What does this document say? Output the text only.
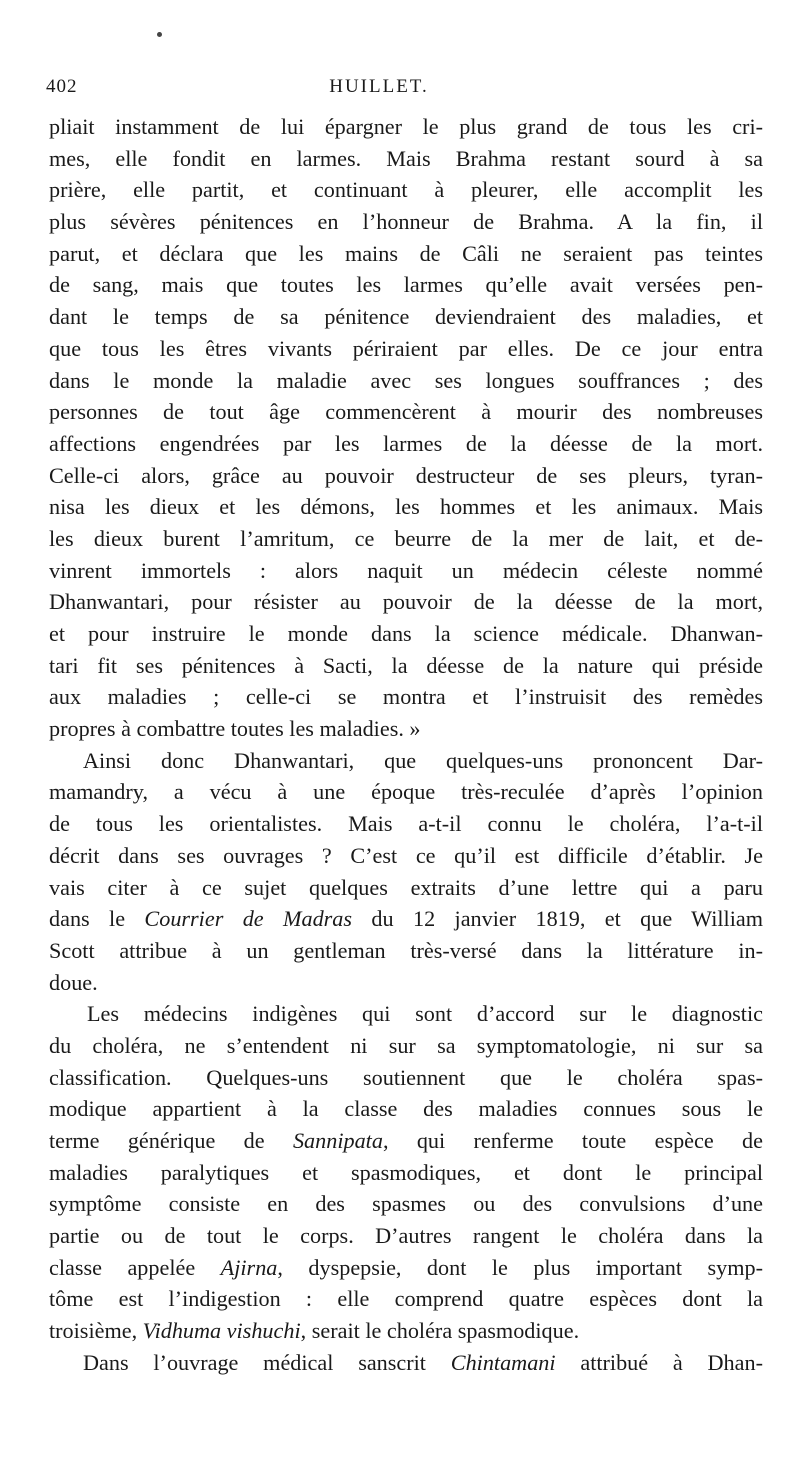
402	HUILLET.
pliait instamment de lui épargner le plus grand de tous les cri-
mes, elle fondit en larmes. Mais Brahma restant sourd à sa
prière, elle partit, et continuant à pleurer, elle accomplit les
plus sévères pénitences en l’honneur de Brahma. A la fin, il
parut, et déclara que les mains de Câli ne seraient pas teintes
de sang, mais que toutes les larmes qu’elle avait versées pen-
dant le temps de sa pénitence deviendraient des maladies, et
que tous les êtres vivants périraient par elles. De ce jour entra
dans le monde la maladie avec ses longues souffrances ; des
personnes de tout âge commencèrent à mourir des nombreuses
affections engendrées par les larmes de la déesse de la mort.
Celle-ci alors, grâce au pouvoir destructeur de ses pleurs, tyran-
nisa les dieux et les démons, les hommes et les animaux. Mais
les dieux burent l’amritum, ce beurre de la mer de lait, et de-
vinrent immortels : alors naquit un médecin céleste nommé
Dhanwantari, pour résister au pouvoir de la déesse de la mort,
et pour instruire le monde dans la science médicale. Dhanwan-
tari fit ses pénitences à Sacti, la déesse de la nature qui préside
aux maladies ; celle-ci se montra et l’instruisit des remèdes
propres à combattre toutes les maladies. »
Ainsi donc Dhanwantari, que quelques-uns prononcent Dar-
mamandry, a vécu à une époque très-reculée d’après l’opinion
de tous les orientalistes. Mais a-t-il connu le choléra, l’a-t-il
décrit dans ses ouvrages ? C’est ce qu’il est difficile d’établir. Je
vais citer à ce sujet quelques extraits d’une lettre qui a paru
dans le Courrier de Madras du 12 janvier 1819, et que William
Scott attribue à un gentleman très-versé dans la littérature in-
doue.
Les médecins indigènes qui sont d’accord sur le diagnostic
du choléra, ne s’entendent ni sur sa symptomatologie, ni sur sa
classification. Quelques-uns soutiennent que le choléra spas-
modique appartient à la classe des maladies connues sous le
terme générique de Sannipata, qui renferme toute espèce de
maladies paralytiques et spasmodiques, et dont le principal
symptôme consiste en des spasmes ou des convulsions d’une
partie ou de tout le corps. D’autres rangent le choléra dans la
classe appelée Ajirna, dyspepsie, dont le plus important symp-
tôme est l’indigestion : elle comprend quatre espèces dont la
troisième, Vidhuma vishuchi, serait le choléra spasmodique.
Dans l’ouvrage médical sanscrit Chintamani attribué à Dhan-
